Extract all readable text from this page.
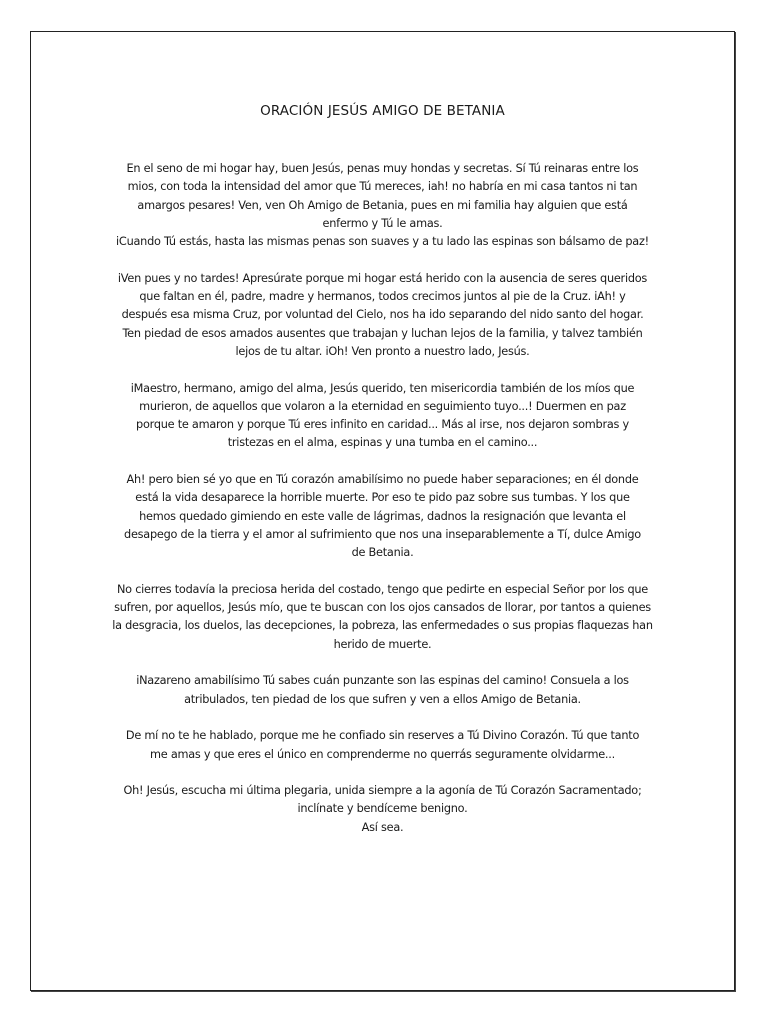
ORACIÓN JESÚS AMIGO DE BETANIA

En el seno de mi hogar hay, buen Jesús, penas muy hondas y secretas. Sí Tú reinaras entre los
mios, con toda la intensidad del amor que Tú mereces, iah! no habría en mi casa tantos ni tan
amargos pesares! Ven, ven Oh Amigo de Betania, pues en mi familia hay alguien que está
enfermo y Tú le amas.
iCuando Tú estás, hasta las mismas penas son suaves y a tu lado las espinas son bálsamo de paz!

iVen pues y no tardes! Apresúrate porque mi hogar está herido con la ausencia de seres queridos
que faltan en él, padre, madre y hermanos, todos crecimos juntos al pie de la Cruz. iAh! y
después esa misma Cruz, por voluntad del Cielo, nos ha ido separando del nido santo del hogar.
Ten piedad de esos amados ausentes que trabajan y luchan lejos de la familia, y talvez también
lejos de tu altar. iOh! Ven pronto a nuestro lado, Jesús.

iMaestro, hermano, amigo del alma, Jesús querido, ten misericordia también de los míos que
murieron, de aquellos que volaron a la eternidad en seguimiento tuyo...! Duermen en paz
porque te amaron y porque Tú eres infinito en caridad... Más al irse, nos dejaron sombras y
tristezas en el alma, espinas y una tumba en el camino...

Ah! pero bien sé yo que en Tú corazón amabilísimo no puede haber separaciones; en él donde
está la vida desaparece la horrible muerte. Por eso te pido paz sobre sus tumbas. Y los que
hemos quedado gimiendo en este valle de lágrimas, dadnos la resignación que levanta el
desapego de la tierra y el amor al sufrimiento que nos una inseparablemente a Tí, dulce Amigo
de Betania.

No cierres todavía la preciosa herida del costado, tengo que pedirte en especial Señor por los que
sufren, por aquellos, Jesús mío, que te buscan con los ojos cansados de llorar, por tantos a quienes
la desgracia, los duelos, las decepciones, la pobreza, las enfermedades o sus propias flaquezas han
herido de muerte.

iNazareno amabilísimo Tú sabes cuán punzante son las espinas del camino! Consuela a los
atribulados, ten piedad de los que sufren y ven a ellos Amigo de Betania.

De mí no te he hablado, porque me he confiado sin reserves a Tú Divino Corazón. Tú que tanto
me amas y que eres el único en comprenderme no querrás seguramente olvidarme...

Oh! Jesús, escucha mi última plegaria, unida siempre a la agonía de Tú Corazón Sacramentado;
inclínate y bendíceme benigno.
Así sea.
